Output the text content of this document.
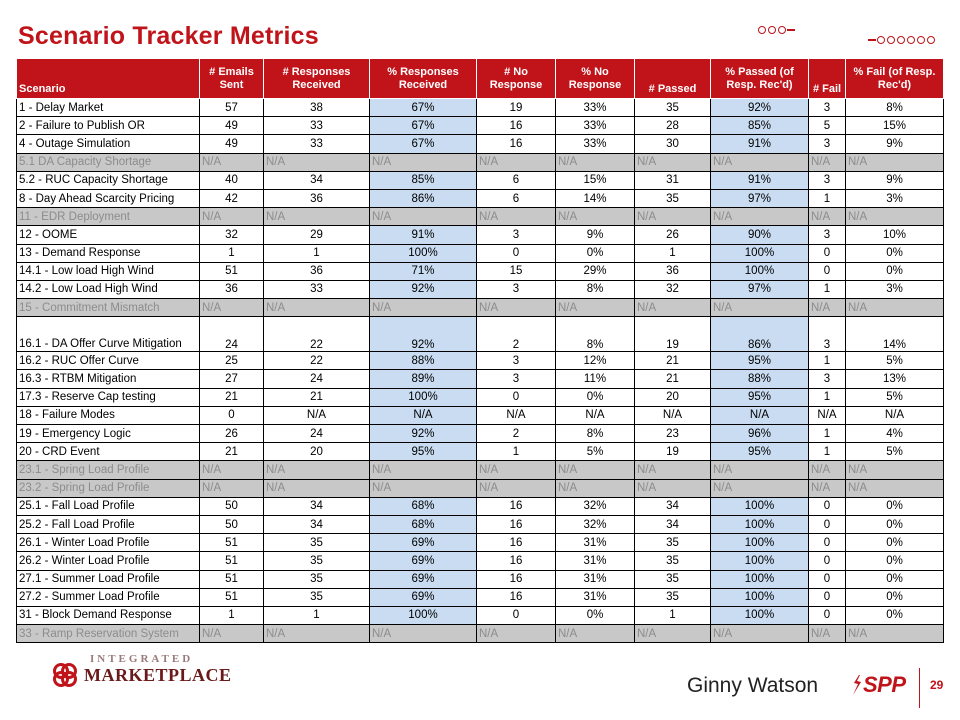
Scenario Tracker Metrics
Scenario	# Emails Sent	# Responses Received	% Responses Received	# No Response	% No Response	# Passed	% Passed (of Resp. Rec'd)	# Fail	% Fail (of Resp. Rec'd)
1 - Delay Market	57	38	67%	19	33%	35	92%	3	8%
2 - Failure to Publish OR	49	33	67%	16	33%	28	85%	5	15%
4 - Outage Simulation	49	33	67%	16	33%	30	91%	3	9%
5.1 DA Capacity Shortage	N/A	N/A	N/A	N/A	N/A	N/A	N/A	N/A	N/A
5.2 - RUC Capacity Shortage	40	34	85%	6	15%	31	91%	3	9%
8 - Day Ahead Scarcity Pricing	42	36	86%	6	14%	35	97%	1	3%
11 - EDR Deployment	N/A	N/A	N/A	N/A	N/A	N/A	N/A	N/A	N/A
12 - OOME	32	29	91%	3	9%	26	90%	3	10%
13 - Demand Response	1	1	100%	0	0%	1	100%	0	0%
14.1 - Low load High Wind	51	36	71%	15	29%	36	100%	0	0%
14.2 - Low Load High Wind	36	33	92%	3	8%	32	97%	1	3%
15 - Commitment Mismatch	N/A	N/A	N/A	N/A	N/A	N/A	N/A	N/A	N/A
16.1 - DA Offer Curve Mitigation	24	22	92%	2	8%	19	86%	3	14%
16.2 - RUC Offer Curve	25	22	88%	3	12%	21	95%	1	5%
16.3 - RTBM Mitigation	27	24	89%	3	11%	21	88%	3	13%
17.3 - Reserve Cap testing	21	21	100%	0	0%	20	95%	1	5%
18 - Failure Modes	0	N/A	N/A	N/A	N/A	N/A	N/A	N/A	N/A
19 - Emergency Logic	26	24	92%	2	8%	23	96%	1	4%
20 - CRD Event	21	20	95%	1	5%	19	95%	1	5%
23.1 - Spring Load Profile	N/A	N/A	N/A	N/A	N/A	N/A	N/A	N/A	N/A
23.2 - Spring Load Profile	N/A	N/A	N/A	N/A	N/A	N/A	N/A	N/A	N/A
25.1 - Fall Load Profile	50	34	68%	16	32%	34	100%	0	0%
25.2 - Fall Load Profile	50	34	68%	16	32%	34	100%	0	0%
26.1 - Winter Load Profile	51	35	69%	16	31%	35	100%	0	0%
26.2 - Winter Load Profile	51	35	69%	16	31%	35	100%	0	0%
27.1 - Summer Load Profile	51	35	69%	16	31%	35	100%	0	0%
27.2 - Summer Load Profile	51	35	69%	16	31%	35	100%	0	0%
31 - Block Demand Response	1	1	100%	0	0%	1	100%	0	0%
33 - Ramp Reservation System	N/A	N/A	N/A	N/A	N/A	N/A	N/A	N/A	N/A
INTEGRATED
MARKETPLACE	Ginny Watson SPP 29
